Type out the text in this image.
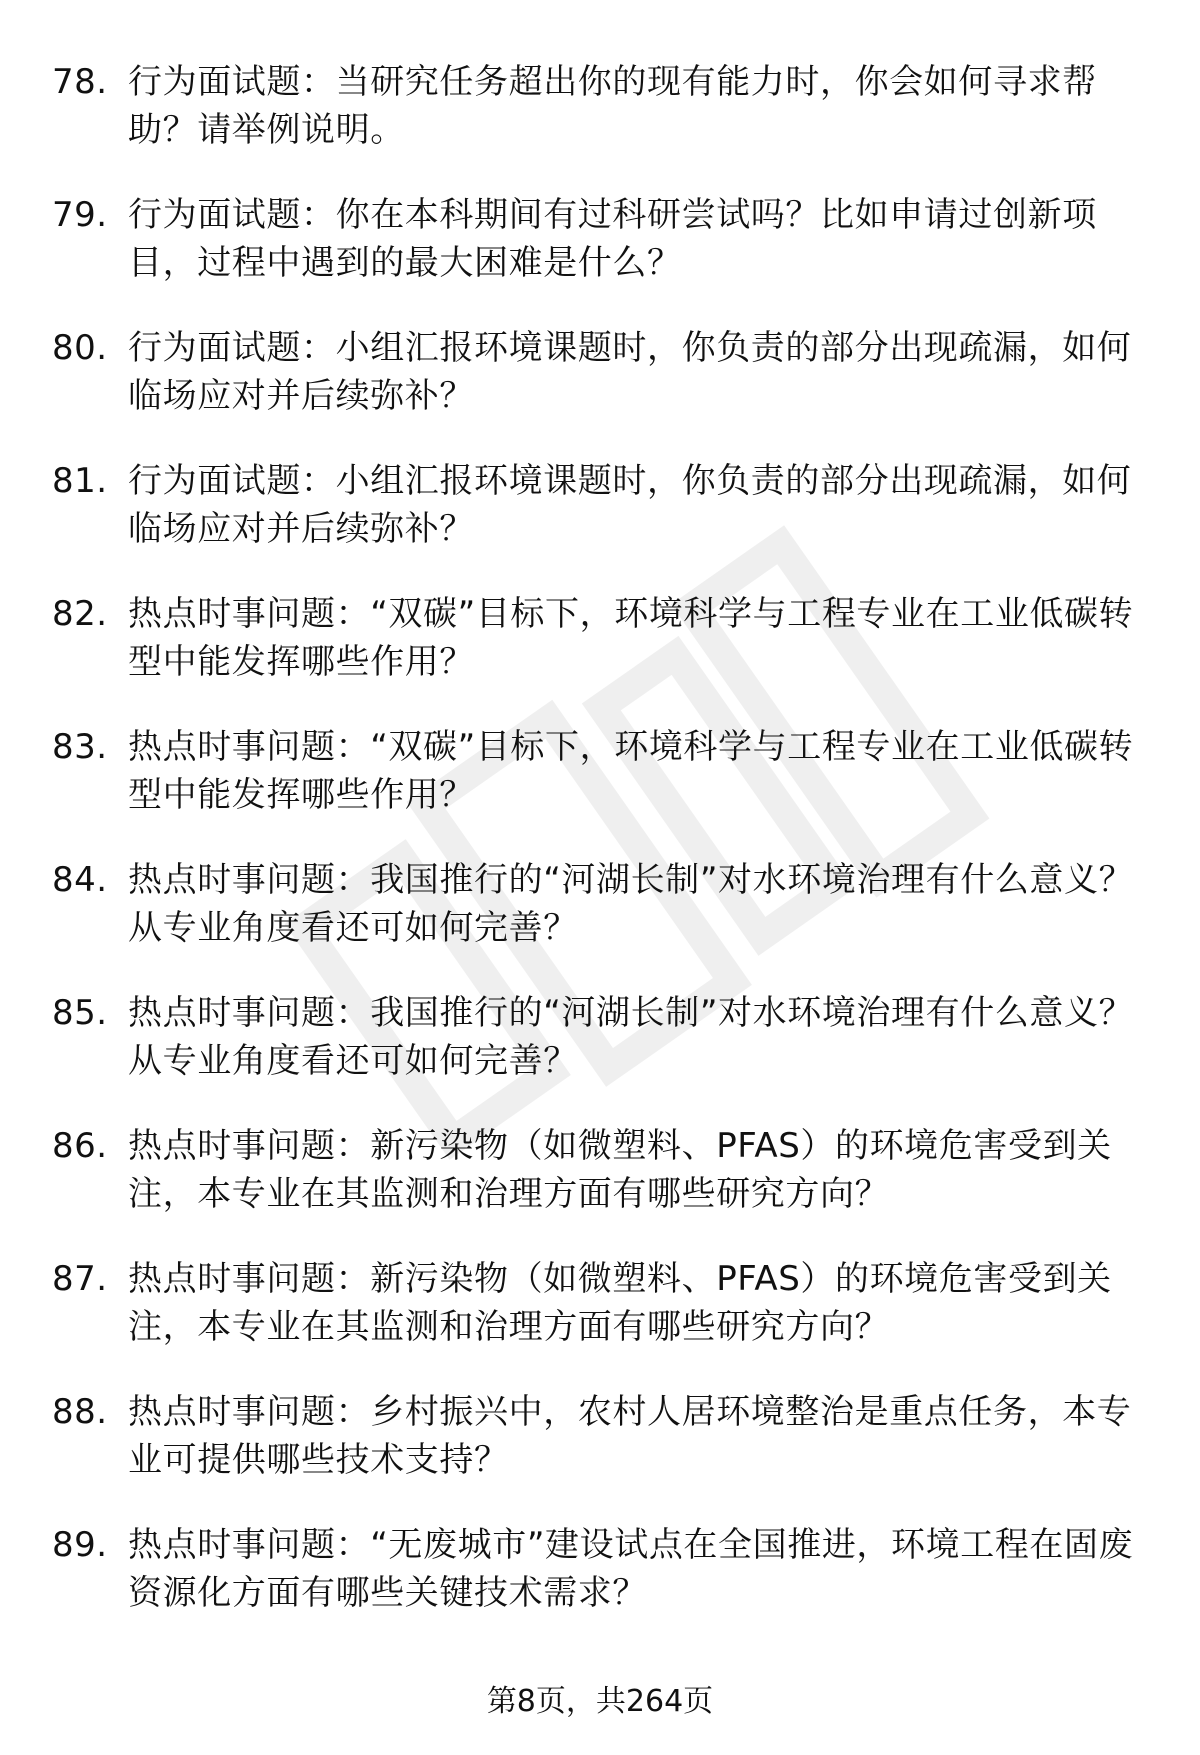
78. 行为面试题：当研究任务超出你的现有能力时，你会如何寻求帮助？请举例说明。
79. 行为面试题：你在本科期间有过科研尝试吗？比如申请过创新项目，过程中遇到的最大困难是什么？
80. 行为面试题：小组汇报环境课题时，你负责的部分出现疏漏，如何临场应对并后续弥补？
81. 行为面试题：小组汇报环境课题时，你负责的部分出现疏漏，如何临场应对并后续弥补？
82. 热点时事问题：“双碳”目标下，环境科学与工程专业在工业低碳转型中能发挥哪些作用？
83. 热点时事问题：“双碳”目标下，环境科学与工程专业在工业低碳转型中能发挥哪些作用？
84. 热点时事问题：我国推行的“河湖长制”对水环境治理有什么意义？从专业角度看还可如何完善？
85. 热点时事问题：我国推行的“河湖长制”对水环境治理有什么意义？从专业角度看还可如何完善？
86. 热点时事问题：新污染物（如微塑料、PFAS）的环境危害受到关注，本专业在其监测和治理方面有哪些研究方向？
87. 热点时事问题：新污染物（如微塑料、PFAS）的环境危害受到关注，本专业在其监测和治理方面有哪些研究方向？
88. 热点时事问题：乡村振兴中，农村人居环境整治是重点任务，本专业可提供哪些技术支持？
89. 热点时事问题：“无废城市”建设试点在全国推进，环境工程在固废资源化方面有哪些关键技术需求？
第8页，共264页
